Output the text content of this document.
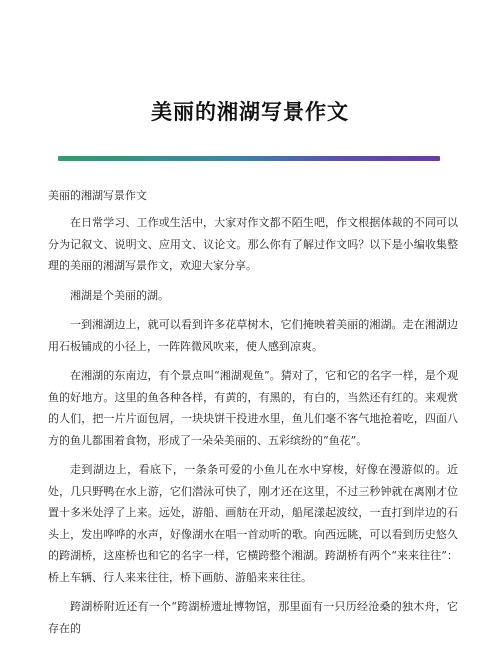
美丽的湘湖写景作文

美丽的湘湖写景作文

在日常学习、工作或生活中，大家对作文都不陌生吧，作文根据体裁的不同可以分为记叙文、说明文、应用文、议论文。那么你有了解过作文吗？以下是小编收集整理的美丽的湘湖写景作文，欢迎大家分享。

湘湖是个美丽的湖。

一到湘湖边上，就可以看到许多花草树木，它们掩映着美丽的湘湖。走在湘湖边用石板铺成的小径上，一阵阵微风吹来，使人感到凉爽。

在湘湖的东南边，有个景点叫“湘湖观鱼”。猜对了，它和它的名字一样，是个观鱼的好地方。这里的鱼各种各样，有黄的，有黑的，有白的，当然还有红的。来观赏的人们，把一片片面包屑，一块块饼干投进水里，鱼儿们毫不客气地抢着吃，四面八方的鱼儿都围着食物，形成了一朵朵美丽的、五彩缤纷的“鱼花”。

走到湖边上，看底下，一条条可爱的小鱼儿在水中穿梭，好像在漫游似的。近处，几只野鸭在水上游，它们潜泳可快了，刚才还在这里，不过三秒钟就在离刚才位置十多米处浮了上来。远处，游船、画舫在开动，船尾漾起波纹，一直打到岸边的石头上，发出哗哗的水声，好像湖水在唱一首动听的歌。向西远眺，可以看到历史悠久的跨湖桥，这座桥也和它的名字一样，它横跨整个湘湖。跨湖桥有两个“来来往往”：桥上车辆、行人来来往往，桥下画舫、游船来来往往。

跨湖桥附近还有一个“跨湖桥遗址博物馆，那里面有一只历经沧桑的独木舟，它存在的
